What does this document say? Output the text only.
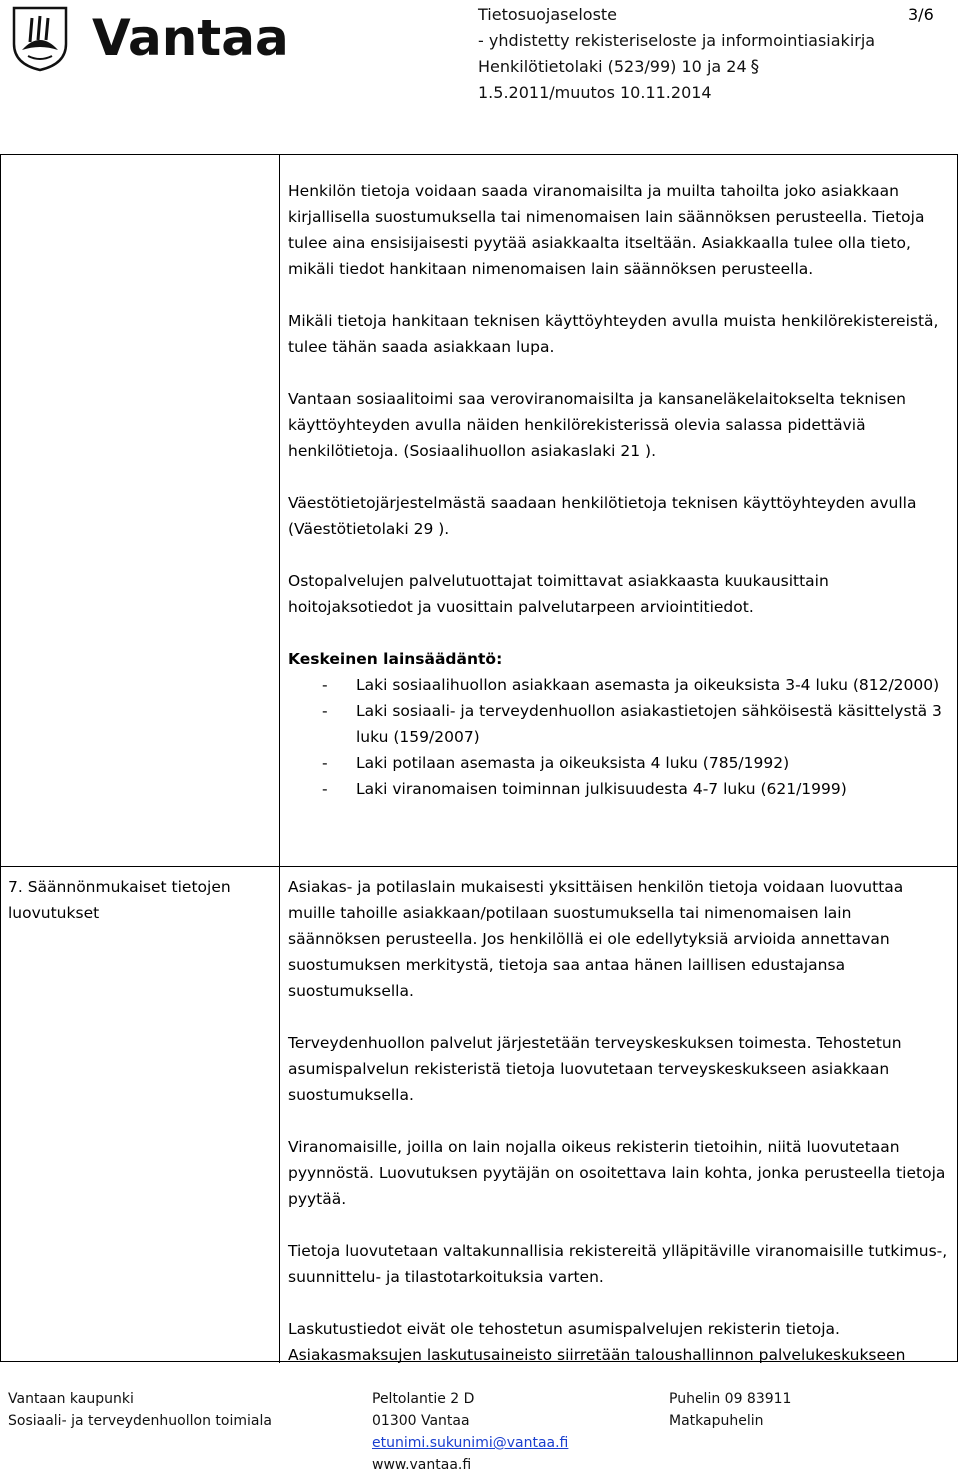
Vantaa	Tietosuojaseloste
- yhdistetty rekisteriseloste ja informointiasiakirja
Henkilötietolaki (523/99) 10 ja 24 §
1.5.2011/muutos 10.11.2014
3/6

Henkilön tietoja voidaan saada viranomaisilta ja muilta tahoilta joko asiakkaan kirjallisella suostumuksella tai nimenomaisen lain säännöksen perusteella. Tietoja tulee aina ensisijaisesti pyytää asiakkaalta itseltään. Asiakkaalla tulee olla tieto, mikäli tiedot hankitaan nimenomaisen lain säännöksen perusteella.

Mikäli tietoja hankitaan teknisen käyttöyhteyden avulla muista henkilörekistereistä, tulee tähän saada asiakkaan lupa.

Vantaan sosiaalitoimi saa veroviranomaisilta ja kansaneläkelaitokselta teknisen käyttöyhteyden avulla näiden henkilörekisterissä olevia salassa pidettäviä henkilötietoja. (Sosiaalihuollon asiakaslaki 21 ).

Väestötietojärjestelmästä saadaan henkilötietoja teknisen käyttöyhteyden avulla (Väestötietolaki 29 ).

Ostopalvelujen palvelutuottajat toimittavat asiakkaasta kuukausittain hoitojaksotiedot ja vuosittain palvelutarpeen arviointitiedot.

Keskeinen lainsäädäntö:
- Laki sosiaalihuollon asiakkaan asemasta ja oikeuksista 3-4 luku (812/2000)
- Laki sosiaali- ja terveydenhuollon asiakastietojen sähköisestä käsittelystä 3 luku (159/2007)
- Laki potilaan asemasta ja oikeuksista 4 luku (785/1992)
- Laki viranomaisen toiminnan julkisuudesta 4-7 luku (621/1999)
7. Säännönmukaiset tietojen luovutukset

Asiakas- ja potilaslain mukaisesti yksittäisen henkilön tietoja voidaan luovuttaa muille tahoille asiakkaan/potilaan suostumuksella tai nimenomaisen lain säännöksen perusteella. Jos henkilöllä ei ole edellytyksiä arvioida annettavan suostumuksen merkitystä, tietoja saa antaa hänen laillisen edustajansa suostumuksella.

Terveydenhuollon palvelut järjestetään terveyskeskuksen toimesta. Tehostetun asumispalvelun rekisteristä tietoja luovutetaan terveyskeskukseen asiakkaan suostumuksella.

Viranomaisille, joilla on lain nojalla oikeus rekisterin tietoihin, niitä luovutetaan pyynnöstä. Luovutuksen pyytäjän on osoitettava lain kohta, jonka perusteella tietoja pyytää.

Tietoja luovutetaan valtakunnallisia rekistereitä ylläpitäville viranomaisille tutkimus-, suunnittelu- ja tilastotarkoituksia varten.

Laskutustiedot eivät ole tehostetun asumispalvelujen rekisterin tietoja. Asiakasmaksujen laskutusaineisto siirretään taloushallinnon palvelukeskukseen

Vantaan kaupunki
Sosiaali- ja terveydenhuollon toimiala
Peltolantie 2 D
01300 Vantaa
etunimi.sukunimi@vantaa.fi
www.vantaa.fi
Puhelin 09 83911
Matkapuhelin
